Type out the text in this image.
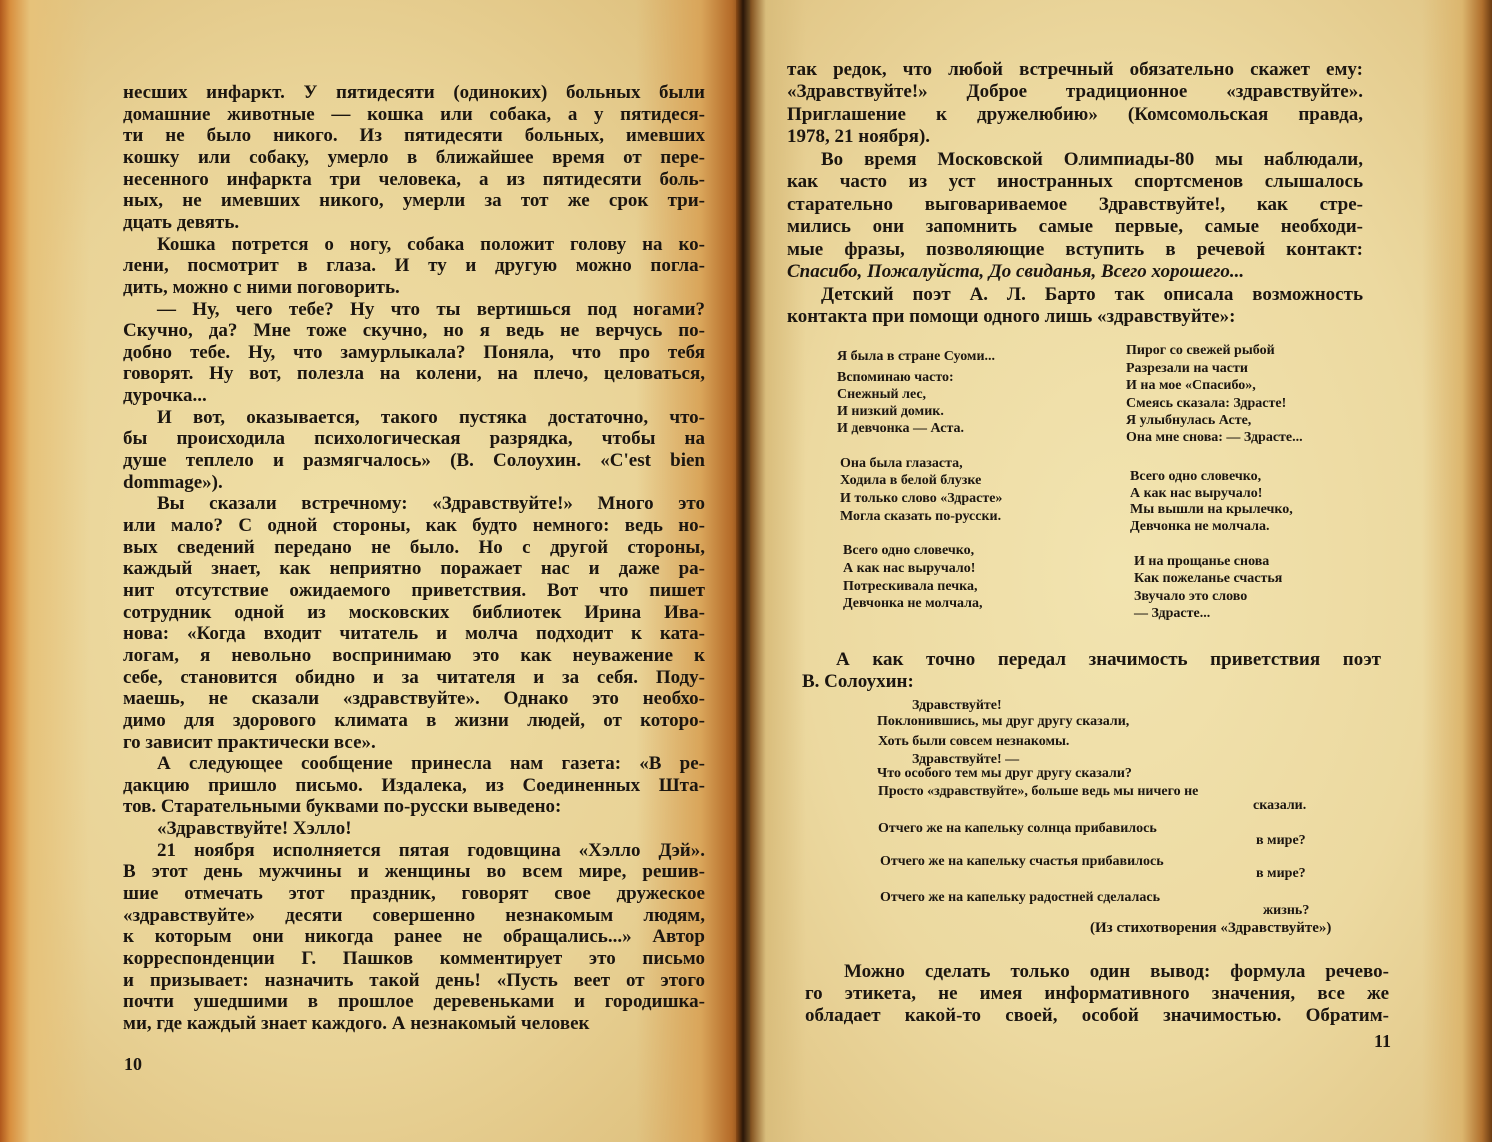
несших инфаркт. У пятидесяти (одиноких) больных были
домашние животные — кошка или собака, а у пятидеся-
ти не было никого. Из пятидесяти больных, имевших
кошку или собаку, умерло в ближайшее время от пере-
несенного инфаркта три человека, а из пятидесяти боль-
ных, не имевших никого, умерли за тот же срок три-
дцать девять.
Кошка потрется о ногу, собака положит голову на ко-
лени, посмотрит в глаза. И ту и другую можно погла-
дить, можно с ними поговорить.
— Ну, чего тебе? Ну что ты вертишься под ногами?
Скучно, да? Мне тоже скучно, но я ведь не верчусь по-
добно тебе. Ну, что замурлыкала? Поняла, что про тебя
говорят. Ну вот, полезла на колени, на плечо, целоваться,
дурочка...
И вот, оказывается, такого пустяка достаточно, что-
бы происходила психологическая разрядка, чтобы на
душе теплело и размягчалось» (В. Солоухин. «C'est bien
dommage»).
Вы сказали встречному: «Здравствуйте!» Много это
или мало? С одной стороны, как будто немного: ведь но-
вых сведений передано не было. Но с другой стороны,
каждый знает, как неприятно поражает нас и даже ра-
нит отсутствие ожидаемого приветствия. Вот что пишет
сотрудник одной из московских библиотек Ирина Ива-
нова: «Когда входит читатель и молча подходит к ката-
логам, я невольно воспринимаю это как неуважение к
себе, становится обидно и за читателя и за себя. Поду-
маешь, не сказали «здравствуйте». Однако это необхо-
димо для здорового климата в жизни людей, от которо-
го зависит практически все».
А следующее сообщение принесла нам газета: «В ре-
дакцию пришло письмо. Издалека, из Соединенных Шта-
тов. Старательными буквами по-русски выведено:
«Здравствуйте! Хэлло!
21 ноября исполняется пятая годовщина «Хэлло Дэй».
В этот день мужчины и женщины во всем мире, решив-
шие отмечать этот праздник, говорят свое дружеское
«здравствуйте» десяти совершенно незнакомым людям,
к которым они никогда ранее не обращались...» Автор
корреспонденции Г. Пашков комментирует это письмо
и призывает: назначить такой день! «Пусть веет от этого
почти ушедшими в прошлое деревеньками и городишка-
ми, где каждый знает каждого. А незнакомый человек
10
так редок, что любой встречный обязательно скажет ему:
«Здравствуйте!» Доброе традиционное «здравствуйте».
Приглашение к дружелюбию» (Комсомольская правда,
1978, 21 ноября).
Во время Московской Олимпиады-80 мы наблюдали,
как часто из уст иностранных спортсменов слышалось
старательно выговариваемое Здравствуйте!, как стре-
мились они запомнить самые первые, самые необходи-
мые фразы, позволяющие вступить в речевой контакт:
Спасибо, Пожалуйста, До свиданья, Всего хорошего...
Детский поэт А. Л. Барто так описала возможность
контакта при помощи одного лишь «здравствуйте»:
Я была в стране Суоми...
Вспоминаю часто:
Снежный лес,
И низкий домик.
И девчонка — Аста.
Она была глазаста,
Ходила в белой блузке
И только слово «Здрасте»
Могла сказать по-русски.
Всего одно словечко,
А как нас выручало!
Потрескивала печка,
Девчонка не молчала,
Пирог со свежей рыбой
Разрезали на части
И на мое «Спасибо»,
Смеясь сказала: Здрасте!
Я улыбнулась Асте,
Она мне снова: — Здрасте...
Всего одно словечко,
А как нас выручало!
Мы вышли на крылечко,
Девчонка не молчала.
И на прощанье снова
Как пожеланье счастья
Звучало это слово
— Здрасте...
А как точно передал значимость приветствия поэт
В. Солоухин:
Здравствуйте!
Поклонившись, мы друг другу сказали,
Хоть были совсем незнакомы.
Здравствуйте! —
Что особого тем мы друг другу сказали?
Просто «здравствуйте», больше ведь мы ничего не
сказали.
Отчего же на капельку солнца прибавилось
в мире?
Отчего же на капельку счастья прибавилось
в мире?
Отчего же на капельку радостней сделалась
жизнь?
(Из стихотворения «Здравствуйте»)
Можно сделать только один вывод: формула речево-
го этикета, не имея информативного значения, все же
обладает какой-то своей, особой значимостью. Обратим-
11
